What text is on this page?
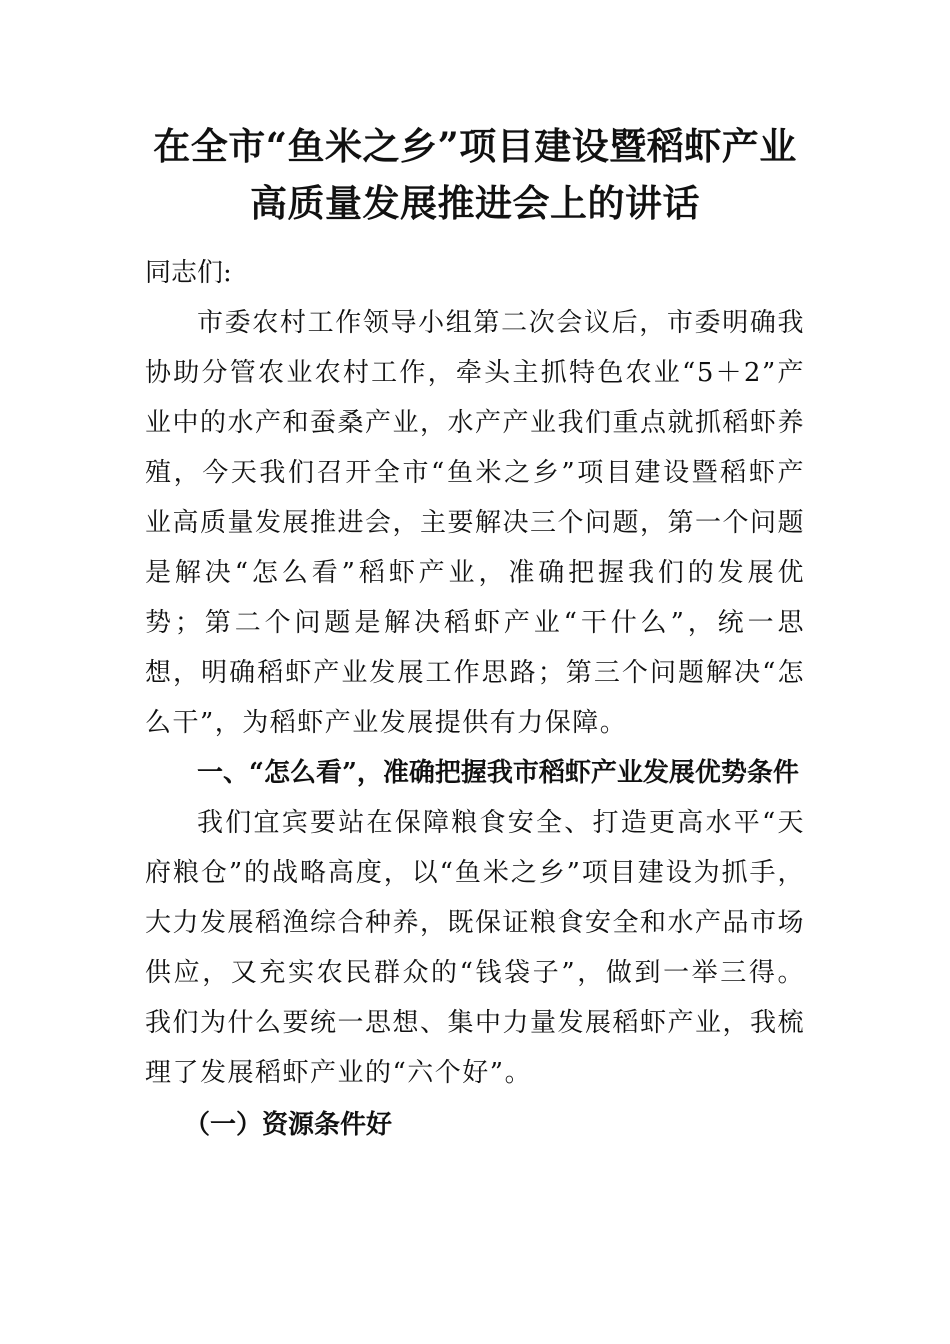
在全市“鱼米之乡”项目建设暨稻虾产业
高质量发展推进会上的讲话
同志们:

市委农村工作领导小组第二次会议后，市委明确我协助分管农业农村工作，牵头主抓特色农业“5＋2”产业中的水产和蚕桑产业，水产产业我们重点就抓稻虾养殖，今天我们召开全市“鱼米之乡”项目建设暨稻虾产业高质量发展推进会，主要解决三个问题，第一个问题是解决“怎么看”稻虾产业，准确把握我们的发展优势；第二个问题是解决稻虾产业“干什么”，统一思想，明确稻虾产业发展工作思路；第三个问题解决“怎么干”，为稻虾产业发展提供有力保障。

一、“怎么看”，准确把握我市稻虾产业发展优势条件

我们宜宾要站在保障粮食安全、打造更高水平“天府粮仓”的战略高度，以“鱼米之乡”项目建设为抓手，大力发展稻渔综合种养，既保证粮食安全和水产品市场供应，又充实农民群众的“钱袋子”，做到一举三得。我们为什么要统一思想、集中力量发展稻虾产业，我梳理了发展稻虾产业的“六个好”。

（一）资源条件好
